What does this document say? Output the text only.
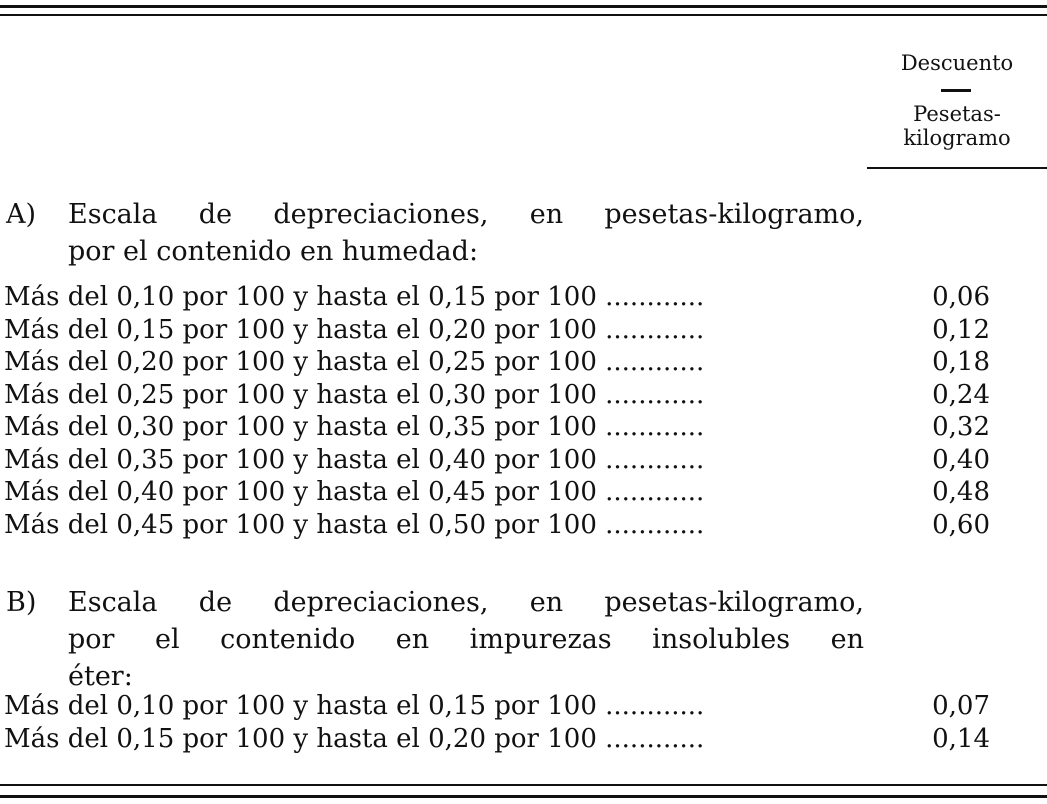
Descuento
Pesetas-
kilogramo
A) Escala de depreciaciones, en pesetas-kilogramo,
por el contenido en humedad:
Más del 0,10 por 100 y hasta el 0,15 por 100 ............	0,06
Más del 0,15 por 100 y hasta el 0,20 por 100 ............	0,12
Más del 0,20 por 100 y hasta el 0,25 por 100 ............	0,18
Más del 0,25 por 100 y hasta el 0,30 por 100 ............	0,24
Más del 0,30 por 100 y hasta el 0,35 por 100 ............	0,32
Más del 0,35 por 100 y hasta el 0,40 por 100 ............	0,40
Más del 0,40 por 100 y hasta el 0,45 por 100 ............	0,48
Más del 0,45 por 100 y hasta el 0,50 por 100 ............	0,60
B) Escala de depreciaciones, en pesetas-kilogramo,
por el contenido en impurezas insolubles en
éter:
Más del 0,10 por 100 y hasta el 0,15 por 100 ............	0,07
Más del 0,15 por 100 y hasta el 0,20 por 100 ............	0,14
